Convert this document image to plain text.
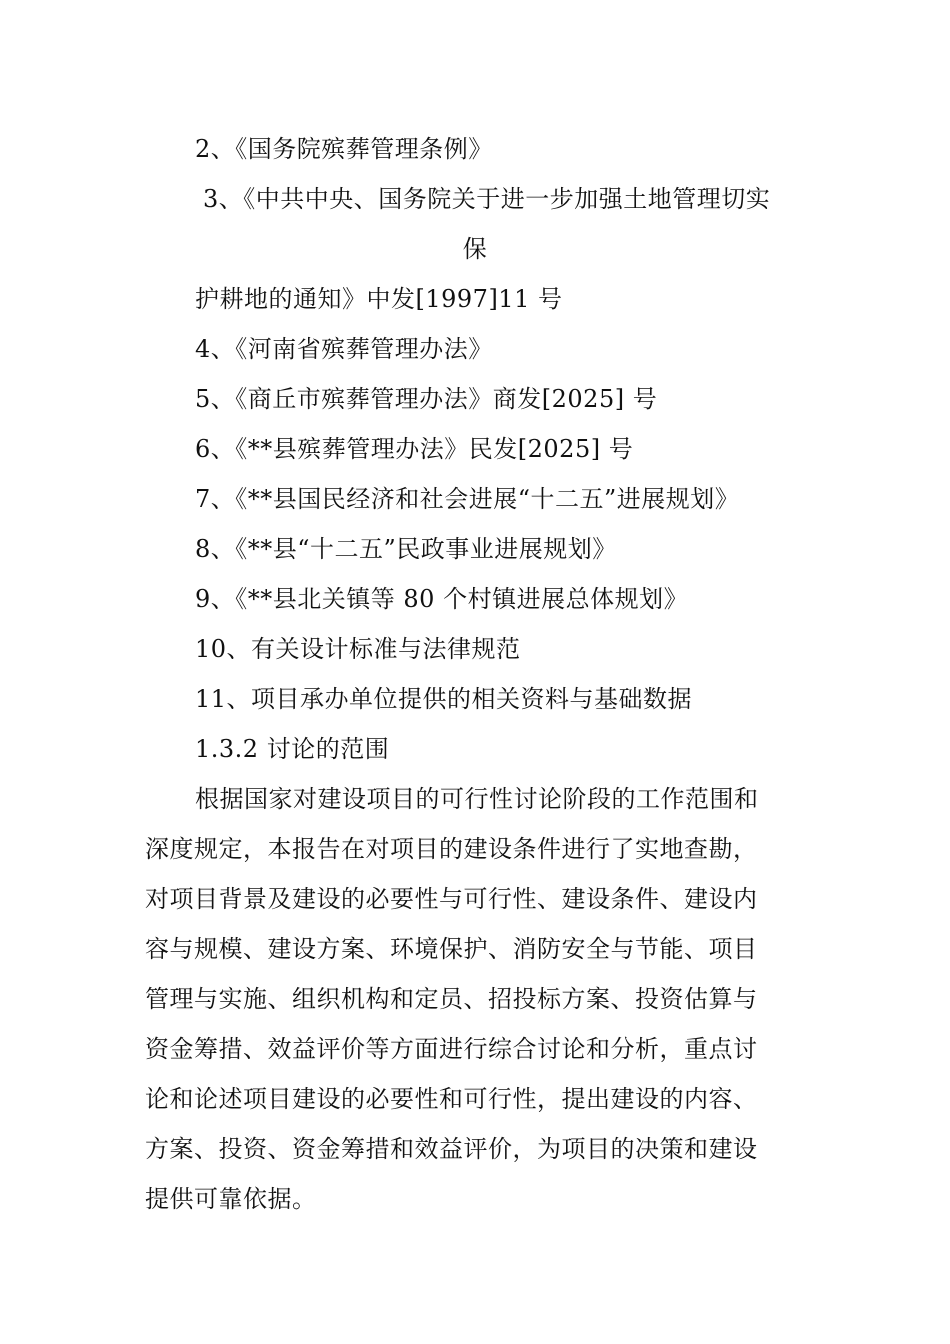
2、《国务院殡葬管理条例》
3、《中共中央、国务院关于进一步加强土地管理切实
保
护耕地的通知》中发[1997]11 号
4、《河南省殡葬管理办法》
5、《商丘市殡葬管理办法》商发[2025] 号
6、《**县殡葬管理办法》民发[2025] 号
7、《**县国民经济和社会进展“十二五”进展规划》
8、《**县“十二五”民政事业进展规划》
9、《**县北关镇等 80 个村镇进展总体规划》
10、有关设计标准与法律规范
11、项目承办单位提供的相关资料与基础数据
1.3.2 讨论的范围
根据国家对建设项目的可行性讨论阶段的工作范围和
深度规定，本报告在对项目的建设条件进行了实地查勘，
对项目背景及建设的必要性与可行性、建设条件、建设内
容与规模、建设方案、环境保护、消防安全与节能、项目
管理与实施、组织机构和定员、招投标方案、投资估算与
资金筹措、效益评价等方面进行综合讨论和分析，重点讨
论和论述项目建设的必要性和可行性，提出建设的内容、
方案、投资、资金筹措和效益评价，为项目的决策和建设
提供可靠依据。
